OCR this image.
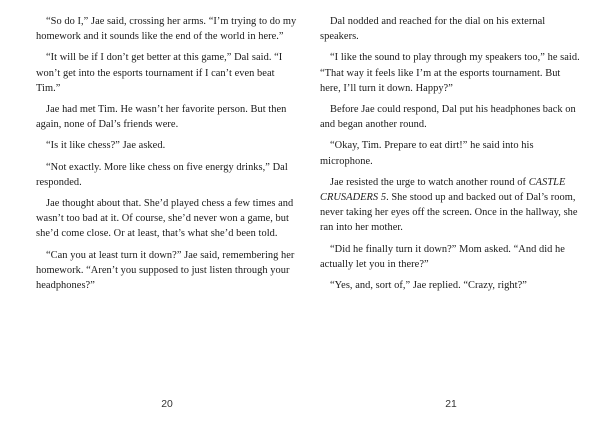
“So do I,” Jae said, crossing her arms. “I’m trying to do my homework and it sounds like the end of the world in here.”

“It will be if I don’t get better at this game,” Dal said. “I won’t get into the esports tournament if I can’t even beat Tim.”

Jae had met Tim. He wasn’t her favorite person. But then again, none of Dal’s friends were.

“Is it like chess?” Jae asked.

“Not exactly. More like chess on five energy drinks,” Dal responded.

Jae thought about that. She’d played chess a few times and wasn’t too bad at it. Of course, she’d never won a game, but she’d come close. Or at least, that’s what she’d been told.

“Can you at least turn it down?” Jae said, remembering her homework. “Aren’t you supposed to just listen through your headphones?”

20

Dal nodded and reached for the dial on his external speakers.

“I like the sound to play through my speakers too,” he said. “That way it feels like I’m at the esports tournament. But here, I’ll turn it down. Happy?”

Before Jae could respond, Dal put his headphones back on and began another round.

“Okay, Tim. Prepare to eat dirt!” he said into his microphone.

Jae resisted the urge to watch another round of CASTLE CRUSADERS 5. She stood up and backed out of Dal’s room, never taking her eyes off the screen. Once in the hallway, she ran into her mother.

“Did he finally turn it down?” Mom asked. “And did he actually let you in there?”

“Yes, and, sort of,” Jae replied. “Crazy, right?”

21
